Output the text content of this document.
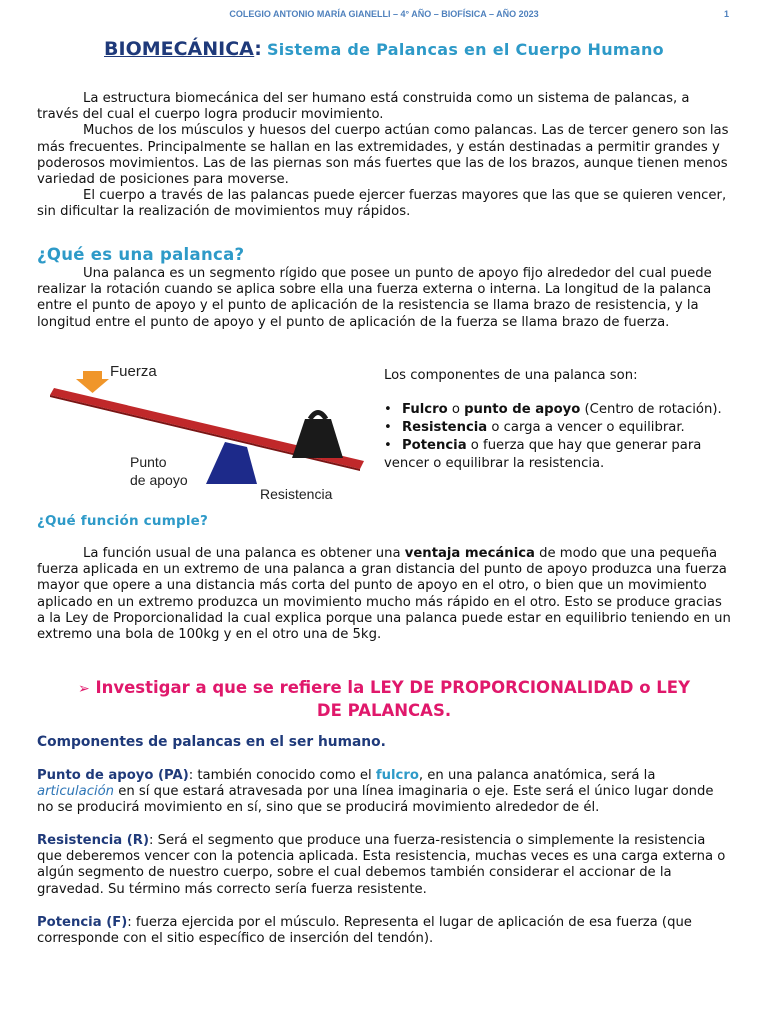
COLEGIO ANTONIO MARÍA GIANELLI – 4° AÑO – BIOFÍSICA – AÑO 2023	1
BIOMECÁNICA: Sistema de Palancas en el Cuerpo Humano

La estructura biomecánica del ser humano está construida como un sistema de palancas, a través del cual el cuerpo logra producir movimiento.

Muchos de los músculos y huesos del cuerpo actúan como palancas. Las de tercer genero son las más frecuentes. Principalmente se hallan en las extremidades, y están destinadas a permitir grandes y poderosos movimientos. Las de las piernas son más fuertes que las de los brazos, aunque tienen menos variedad de posiciones para moverse.

El cuerpo a través de las palancas puede ejercer fuerzas mayores que las que se quieren vencer, sin dificultar la realización de movimientos muy rápidos.

¿Qué es una palanca?

Una palanca es un segmento rígido que posee un punto de apoyo fijo alrededor del cual puede realizar la rotación cuando se aplica sobre ella una fuerza externa o interna. La longitud de la palanca entre el punto de apoyo y el punto de aplicación de la resistencia se llama brazo de resistencia, y la longitud entre el punto de apoyo y el punto de aplicación de la fuerza se llama brazo de fuerza.

Fuerza
Punto
de apoyo
Resistencia
Los componentes de una palanca son:
• Fulcro o punto de apoyo (Centro de rotación).
• Resistencia o carga a vencer o equilibrar.
• Potencia o fuerza que hay que generar para vencer o equilibrar la resistencia.
¿Qué función cumple?

La función usual de una palanca es obtener una ventaja mecánica de modo que una pequeña fuerza aplicada en un extremo de una palanca a gran distancia del punto de apoyo produzca una fuerza mayor que opere a una distancia más corta del punto de apoyo en el otro, o bien que un movimiento aplicado en un extremo produzca un movimiento mucho más rápido en el otro. Esto se produce gracias a la Ley de Proporcionalidad la cual explica porque una palanca puede estar en equilibrio teniendo en un extremo una bola de 100kg y en el otro una de 5kg.

➢ Investigar a que se refiere la LEY DE PROPORCIONALIDAD o LEY
DE PALANCAS.
Componentes de palancas en el ser humano.

Punto de apoyo (PA): también conocido como el fulcro, en una palanca anatómica, será la articulación en sí que estará atravesada por una línea imaginaria o eje. Este será el único lugar donde no se producirá movimiento en sí, sino que se producirá movimiento alrededor de él.

Resistencia (R): Será el segmento que produce una fuerza-resistencia o simplemente la resistencia que deberemos vencer con la potencia aplicada. Esta resistencia, muchas veces es una carga externa o algún segmento de nuestro cuerpo, sobre el cual debemos también considerar el accionar de la gravedad. Su término más correcto sería fuerza resistente.

Potencia (F): fuerza ejercida por el músculo. Representa el lugar de aplicación de esa fuerza (que corresponde con el sitio específico de inserción del tendón).
